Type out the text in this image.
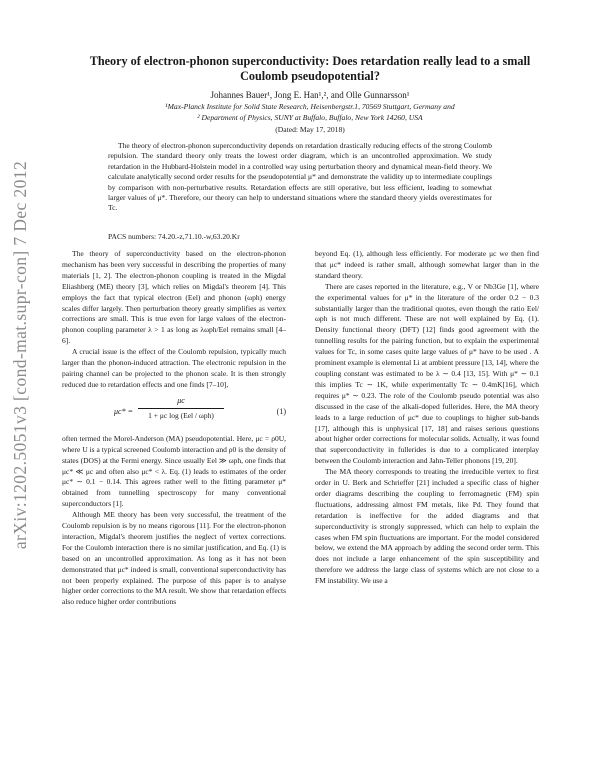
arXiv:1202.5051v3 [cond-mat.supr-con] 7 Dec 2012
Theory of electron-phonon superconductivity: Does retardation really lead to a small
Coulomb pseudopotential?
Johannes Bauer¹, Jong E. Han¹,², and Olle Gunnarsson¹
¹Max-Planck Institute for Solid State Research, Heisenbergstr.1, 70569 Stuttgart, Germany and
² Department of Physics, SUNY at Buffalo, Buffalo, New York 14260, USA
(Dated: May 17, 2018)
The theory of electron-phonon superconductivity depends on retardation drastically reducing effects of the strong Coulomb repulsion. The standard theory only treats the lowest order diagram, which is an uncontrolled approximation. We study retardation in the Hubbard-Holstein model in a controlled way using perturbation theory and dynamical mean-field theory. We calculate analytically second order results for the pseudopotential μ* and demonstrate the validity up to intermediate couplings by comparison with non-perturbative results. Retardation effects are still operative, but less efficient, leading to somewhat larger values of μ*. Therefore, our theory can help to understand situations where the standard theory yields overestimates for Tc.
PACS numbers: 74.20.-z,71.10.-w,63.20.Kr

The theory of superconductivity based on the electron-phonon mechanism has been very successful in describing the properties of many materials [1, 2]. The electron-phonon coupling is treated in the Migdal Eliashberg (ME) theory [3], which relies on Migdal's theorem [4]. This employs the fact that typical electron (Eel) and phonon (ωph) energy scales differ largely. Then perturbation theory greatly simplifies as vertex corrections are small. This is true even for large values of the electron-phonon coupling parameter λ > 1 as long as λωph/Eel remains small [4–6].

A crucial issue is the effect of the Coulomb repulsion, typically much larger than the phonon-induced attraction. The electronic repulsion in the pairing channel can be projected to the phonon scale. It is then strongly reduced due to retardation effects and one finds [7–10],

μc* =
μc
1 + μc log (Eel / ωph)	(1)

often termed the Morel-Anderson (MA) pseudopotential. Here, μc = ρ0U, where U is a typical screened Coulomb interaction and ρ0 is the density of states (DOS) at the Fermi energy. Since usually Eel ≫ ωph, one finds that μc* ≪ μc and often also μc* < λ. Eq. (1) leads to estimates of the order μc* ∼ 0.1 − 0.14. This agrees rather well to the fitting parameter μ* obtained from tunnelling spectroscopy for many conventional superconductors [1].

Although ME theory has been very successful, the treatment of the Coulomb repulsion is by no means rigorous [11]. For the electron-phonon interaction, Migdal's theorem justifies the neglect of vertex corrections. For the Coulomb interaction there is no similar justification, and Eq. (1) is based on an uncontrolled approximation. As long as it has not been demonstrated that μc* indeed is small, conventional superconductivity has not been properly explained. The purpose of this paper is to analyse higher order corrections to the MA result. We show that retardation effects also reduce higher order contributions

beyond Eq. (1), although less efficiently. For moderate μc we then find that μc* indeed is rather small, although somewhat larger than in the standard theory.

There are cases reported in the literature, e.g., V or Nb3Ge [1], where the experimental values for μ* in the literature of the order 0.2 − 0.3 substantially larger than the traditional quotes, even though the ratio Eel/ωph is not much different. These are not well explained by Eq. (1). Density functional theory (DFT) [12] finds good agreement with the tunnelling results for the pairing function, but to explain the experimental values for Tc, in some cases quite large values of μ* have to be used . A prominent example is elemental Li at ambient pressure [13, 14], where the coupling constant was estimated to be λ ∼ 0.4 [13, 15]. With μ* ∼ 0.1 this implies Tc ∼ 1K, while experimentally Tc ∼ 0.4mK[16], which requires μ* ∼ 0.23. The role of the Coulomb pseudo potential was also discussed in the case of the alkali-doped fullerides. Here, the MA theory leads to a large reduction of μc* due to couplings to higher sub-bands [17], although this is unphysical [17, 18] and raises serious questions about higher order corrections for molecular solids. Actually, it was found that superconductivity in fullerides is due to a complicated interplay between the Coulomb interaction and Jahn-Teller phonons [19, 20].

The MA theory corresponds to treating the irreducible vertex to first order in U. Berk and Schrieffer [21] included a specific class of higher order diagrams describing the coupling to ferromagnetic (FM) spin fluctuations, addressing almost FM metals, like Pd. They found that retardation is ineffective for the added diagrams and that superconductivity is strongly suppressed, which can help to explain the cases when FM spin fluctuations are important. For the model considered below, we extend the MA approach by adding the second order term. This does not include a large enhancement of the spin susceptibility and therefore we address the large class of systems which are not close to a FM instability. We use a
